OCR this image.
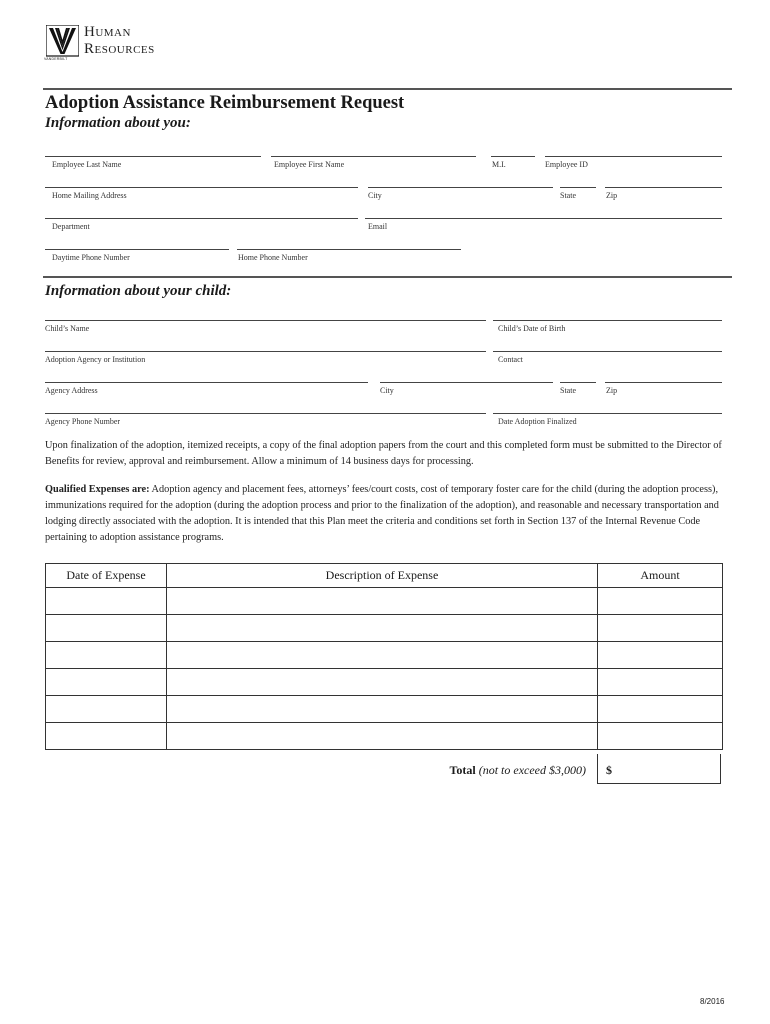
VANDERBILT
Human
Resources
Adoption Assistance Reimbursement Request
Information about you:
Employee Last Name	Employee First Name	M.I.	Employee ID
Home Mailing Address	City	State	Zip
Department	Email
Daytime Phone Number	Home Phone Number
Information about your child:
Child’s Name	Child’s Date of Birth
Adoption Agency or Institution	Contact
Agency Address	City	State	Zip
Agency Phone Number	Date Adoption Finalized
Upon finalization of the adoption, itemized receipts, a copy of the final adoption papers from the court and this completed form must be submitted to the Director of Benefits for review, approval and reimbursement. Allow a minimum of 14 business days for processing.
Qualified Expenses are: Adoption agency and placement fees, attorneys’ fees/court costs, cost of temporary foster care for the child (during the adoption process), immunizations required for the adoption (during the adoption process and prior to the finalization of the adoption), and reasonable and necessary transportation and lodging directly associated with the adoption. It is intended that this Plan meet the criteria and conditions set forth in Section 137 of the Internal Revenue Code pertaining to adoption assistance programs.
Date of Expense	Description of Expense	Amount

Total (not to exceed $3,000) $
8/2016
